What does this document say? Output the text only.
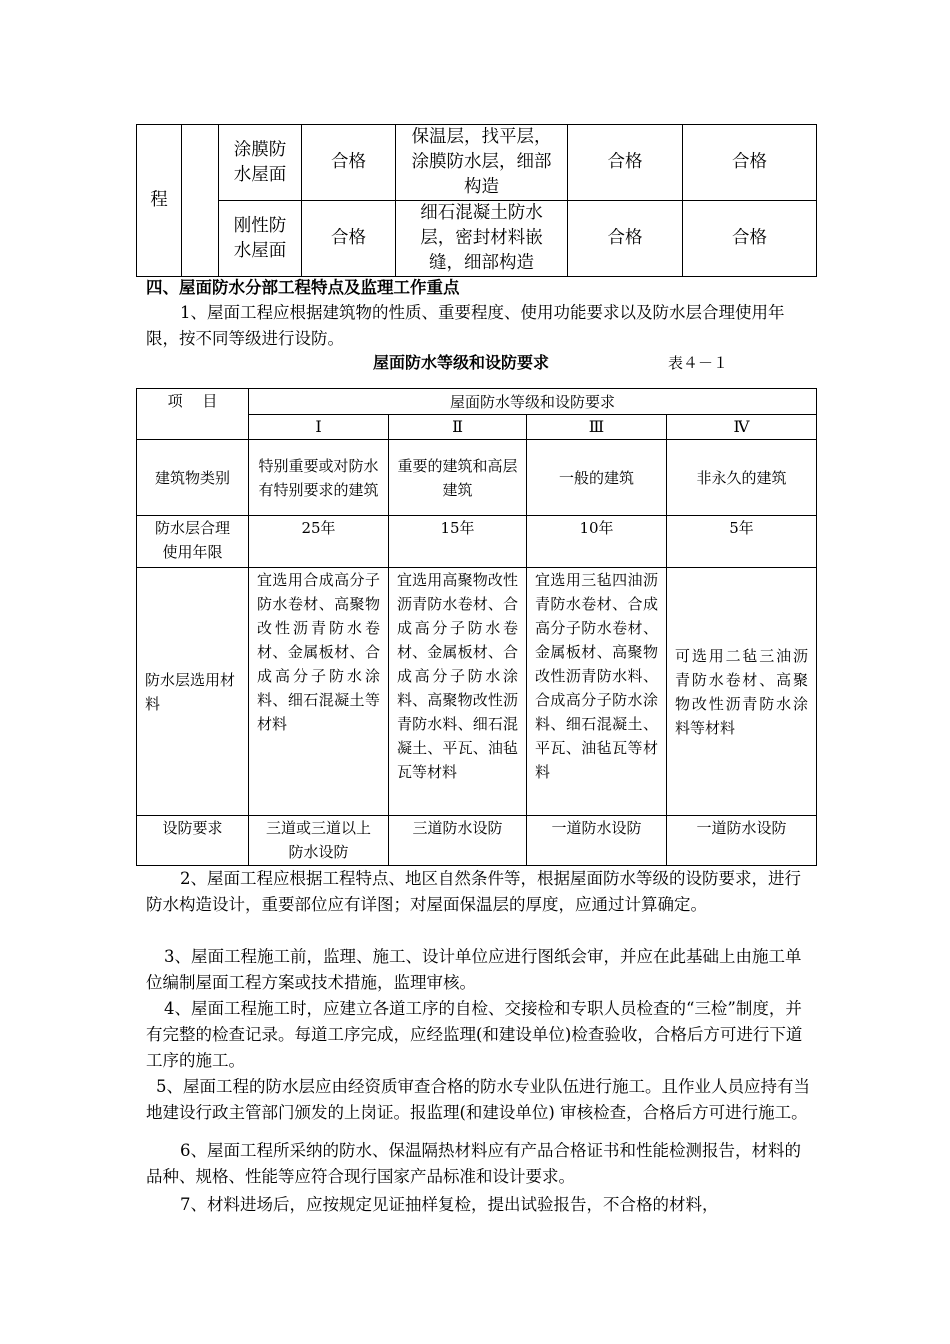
程		涂膜防水屋面	合格	保温层，找平层，涂膜防水层，细部构造	合格	合格
		刚性防水屋面	合格	细石混凝土防水层，密封材料嵌缝，细部构造	合格	合格
四、屋面防水分部工程特点及监理工作重点
1、屋面工程应根据建筑物的性质、重要程度、使用功能要求以及防水层合理使用年限，按不同等级进行设防。
屋面防水等级和设防要求	表４－１
项　 目	屋面防水等级和设防要求			
	Ⅰ	Ⅱ	Ⅲ	Ⅳ
建筑物类别	特别重要或对防水有特别要求的建筑	重要的建筑和高层建筑	一般的建筑	非永久的建筑
防水层合理使用年限	25年	15年	10年	5年
防水层选用材料	宜选用合成高分子防水卷材、高聚物改性沥青防水卷材、金属板材、合成高分子防水涂料、细石混凝土等材料	宜选用高聚物改性沥青防水卷材、合成高分子防水卷材、金属板材、合成高分子防水涂料、高聚物改性沥青防水料、细石混凝土、平瓦、油毡瓦等材料	宜选用三毡四油沥青防水卷材、合成高分子防水卷材、金属板材、高聚物改性沥青防水料、合成高分子防水涂料、细石混凝土、平瓦、油毡瓦等材料	可选用二毡三油沥青防水卷材、高聚物改性沥青防水涂料等材料
设防要求	三道或三道以上防水设防	三道防水设防	一道防水设防	一道防水设防
2、屋面工程应根据工程特点、地区自然条件等，根据屋面防水等级的设防要求，进行防水构造设计，重要部位应有详图；对屋面保温层的厚度，应通过计算确定。
3、屋面工程施工前，监理、施工、设计单位应进行图纸会审，并应在此基础上由施工单位编制屋面工程方案或技术措施，监理审核。
4、屋面工程施工时，应建立各道工序的自检、交接检和专职人员检查的“三检”制度，并有完整的检查记录。每道工序完成，应经监理(和建设单位)检查验收，合格后方可进行下道工序的施工。
5、屋面工程的防水层应由经资质审查合格的防水专业队伍进行施工。且作业人员应持有当地建设行政主管部门颁发的上岗证。报监理(和建设单位) 审核检查，合格后方可进行施工。
6、屋面工程所采纳的防水、保温隔热材料应有产品合格证书和性能检测报告，材料的品种、规格、性能等应符合现行国家产品标准和设计要求。
7、材料进场后，应按规定见证抽样复检，提出试验报告，不合格的材料，
